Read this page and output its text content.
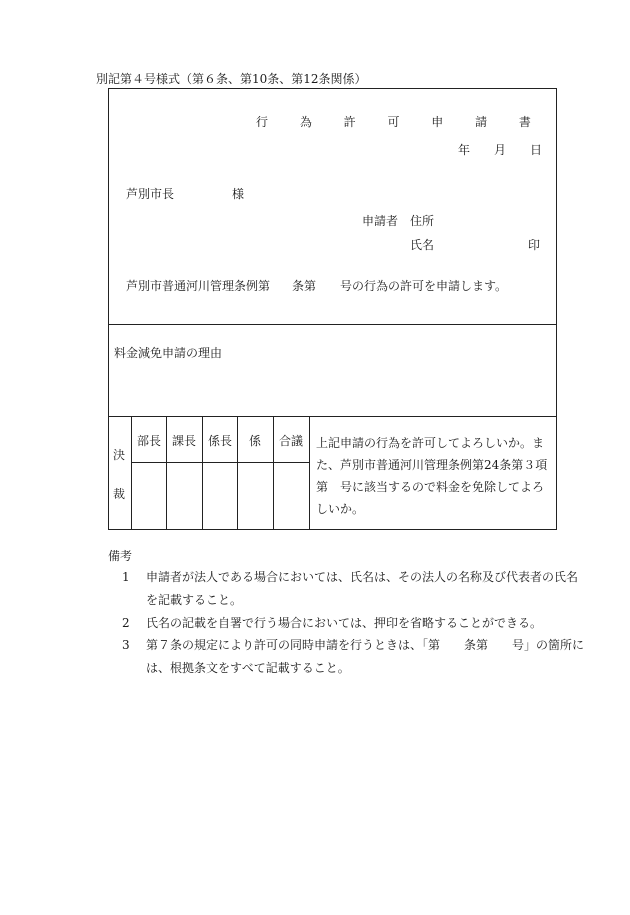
別記第４号様式（第６条、第10条、第12条関係）
行 為 許 可 申 請 書
年 月 日
芦別市長	様
申請者 住所
氏名	印
芦別市普通河川管理条例第 条第 号の行為の許可を申請します。
料金減免申請の理由
決
裁
部長 課長 係長	係	合議	上記申請の行為を許可してよろしいか。また、芦別市普通河川管理条例第24条第３項第　号に該当するので料金を免除してよろしいか。
備考
1 申請者が法人である場合においては、氏名は、その法人の名称及び代表者の氏名を記載すること。
2 氏名の記載を自署で行う場合においては、押印を省略することができる。
3 第７条の規定により許可の同時申請を行うときは、「第　　条第　　号」の箇所には、根拠条文をすべて記載すること。
